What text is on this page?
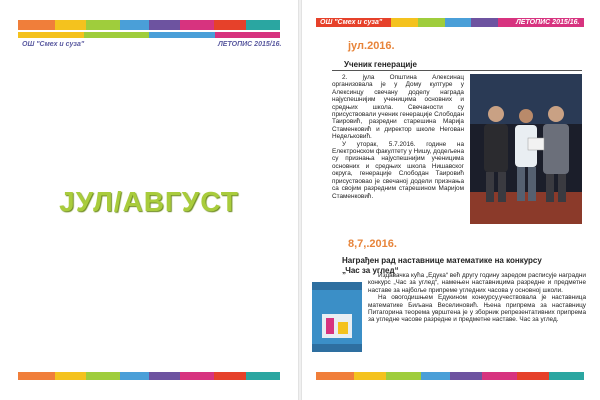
ОШ "Смех и суза"	ЛЕТОПИС 2015/16.
ЈУЛ/АВГУСТ
ОШ "Смех и суза"	ЛЕТОПИС 2015/16.
јул.2016.
Ученик генерације

2. јула Општина Алексинац организовала је у Дому културе у Алексинцу свечану доделу награда најуспешнијим ученицима основних и средњих школа. Свечаности су присуствовали ученик генерације Слободан Таировић, разредни старешина Марија Стаменковић и директор школе Негован Недељковић.

У уторак, 5.7.2016. године на Електронском факултету у Нишу, додељена су признања најуспешнијим ученицима основних и средњих школа Нишавског округа, генерације Слободан Таировић присуствовао је свечаној додели признања са својим разредним старешином Маријом Стаменковић.

8,7,.2016.
Награђен рад наставнице математике на конкурсу
„Час за углед“

Издавачка кућа „Едука“ већ другу годину заредом расписује наградни конкурс „Час за углед“, намењен наставницима разредне и предметне наставе за најбоље припреме угледних часова у основној школи.

На овогодишњем Едукином конкурсу,учествовала је наставница математике Биљана Веселиновић. Њена припрема за наставницу Питагорина теорема уврштена је у зборник репрезентативних припрема за угледне часове разредне и предметне наставе. Час за углед.
